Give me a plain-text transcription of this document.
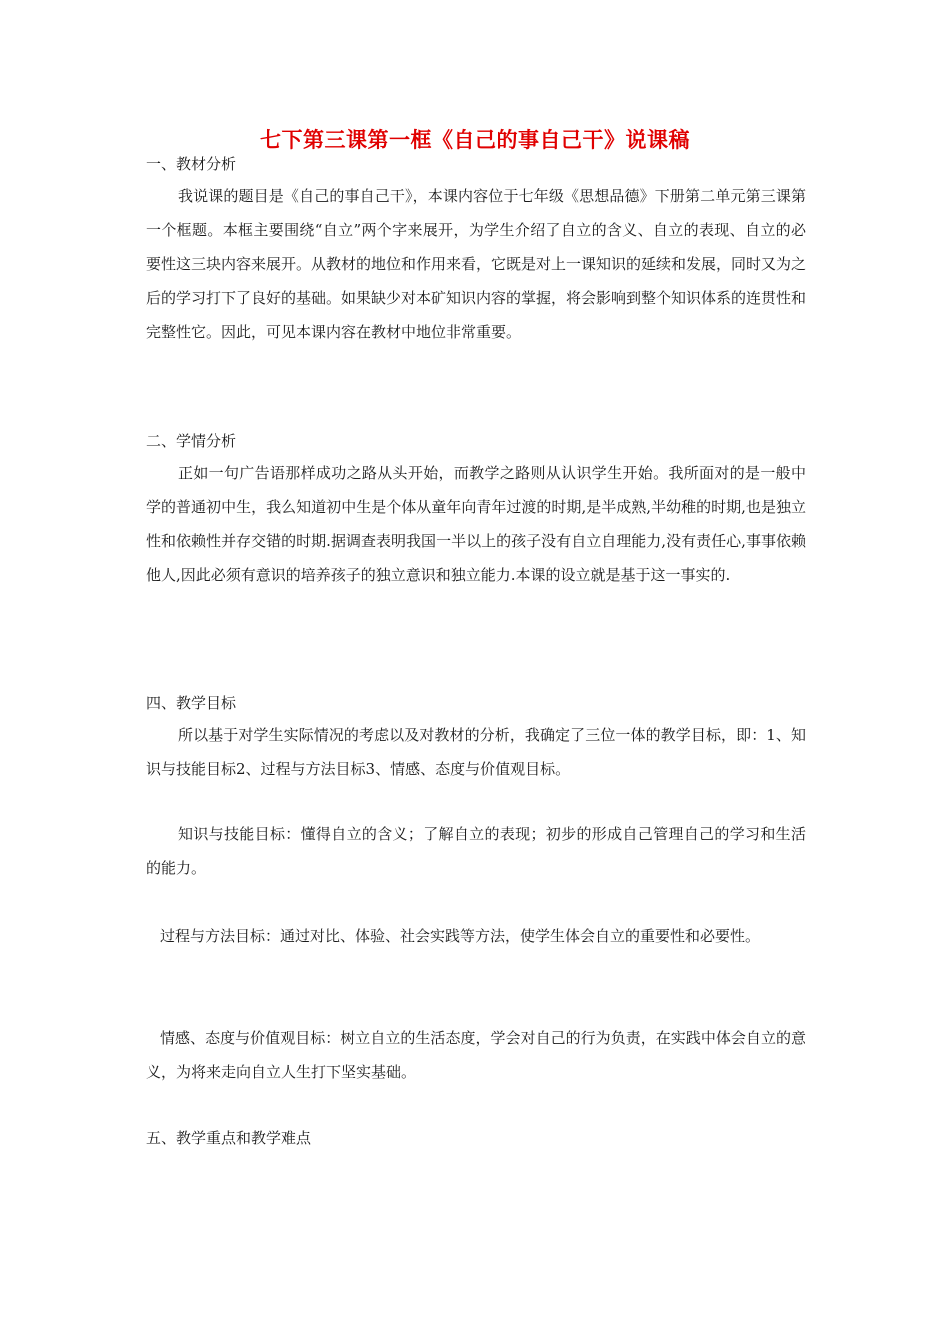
七下第三课第一框《自己的事自己干》说课稿
一、教材分析
我说课的题目是《自己的事自己干》，本课内容位于七年级《思想品德》下册第二单元第三课第一个框题。本框主要围绕“自立”两个字来展开，为学生介绍了自立的含义、自立的表现、自立的必要性这三块内容来展开。从教材的地位和作用来看，它既是对上一课知识的延续和发展，同时又为之后的学习打下了良好的基础。如果缺少对本矿知识内容的掌握，将会影响到整个知识体系的连贯性和完整性它。因此，可见本课内容在教材中地位非常重要。
二、学情分析
正如一句广告语那样成功之路从头开始，而教学之路则从认识学生开始。我所面对的是一般中学的普通初中生，我么知道初中生是个体从童年向青年过渡的时期,是半成熟,半幼稚的时期,也是独立性和依赖性并存交错的时期.据调查表明我国一半以上的孩子没有自立自理能力,没有责任心,事事依赖他人,因此必须有意识的培养孩子的独立意识和独立能力.本课的设立就是基于这一事实的.
四、教学目标
所以基于对学生实际情况的考虑以及对教材的分析，我确定了三位一体的教学目标，即：1、知识与技能目标2、过程与方法目标3、情感、态度与价值观目标。
知识与技能目标：懂得自立的含义；了解自立的表现；初步的形成自己管理自己的学习和生活的能力。
过程与方法目标：通过对比、体验、社会实践等方法，使学生体会自立的重要性和必要性。
情感、态度与价值观目标：树立自立的生活态度，学会对自己的行为负责，在实践中体会自立的意义，为将来走向自立人生打下坚实基础。
五、教学重点和教学难点
